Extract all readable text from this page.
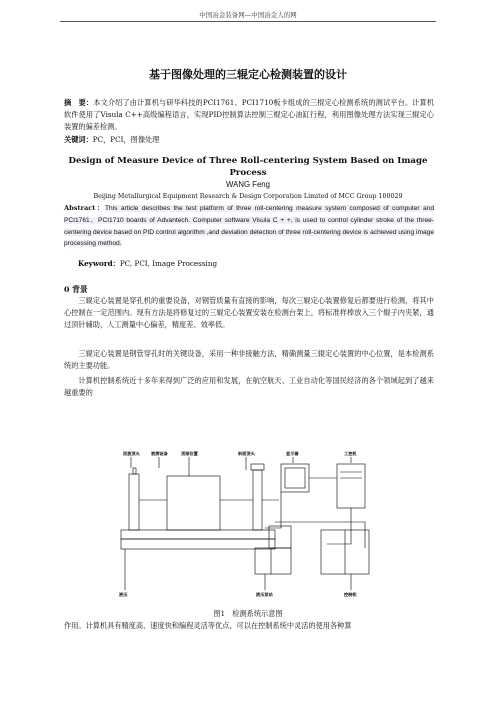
中国冶金装备网—中国冶金人的网
基于图像处理的三辊定心检测装置的设计
摘　要：本文介绍了由计算机与研华科技的PCI1761、PCI1710板卡组成的三棍定心检测系统的测试平台。计算机软件使用了Visula C++高级编程语言，实现PID控制算法控制三棍定心油缸行程，利用图像处理方法实现三辊定心装置的偏差检测。
关键词：PC，PCI，图像处理
Design of Measure Device of Three Roll-centering System Based on Image Process
WANG Feng
Beijing Metallurgical Equipment Research & Design Corporation Limited of MCC Group 100029
Abstract：This article describes the test platform of three roll-centering measure system composed of computer and PCI1761、PCI1710 boards of Advantech. Computer software Visula C + +, is used to control cylinder stroke of the three-centering device based on PID control algorithm ,and deviation detection of three roll-centering device is achieved using image processing method.
Keyword：PC, PCI, Image Processing
0 背景
三辊定心装置是穿孔机的重要设备，对钢管质量有直接的影响，每次三辊定心装置修复后都要进行检测，将其中心控制在一定范围内。现有方法是将修复过的三辊定心装置安装在检测台架上，将标准样棒放入三个辊子内夹紧，通过顶针辅助，人工测量中心偏差，精度差、效率低。
三辊定心装置是钢管穿孔时的关键设备，采用一种非接触方法，精确测量三辊定心装置的中心位置，是本检测系统的主要功能。
计算机控制系统近十多年来得到广泛的应用和发展，在航空航天、工业自动化等国民经济的各个领域起到了越来越重要的
回旋顶头	被测设备	顶部位置	斜面顶头	显示器	工控机
液压	液压泵站	控制柜
图1　检测系统示意图
作用。计算机具有精度高、速度快和编程灵活等优点，可以在控制系统中灵活的使用各种算
